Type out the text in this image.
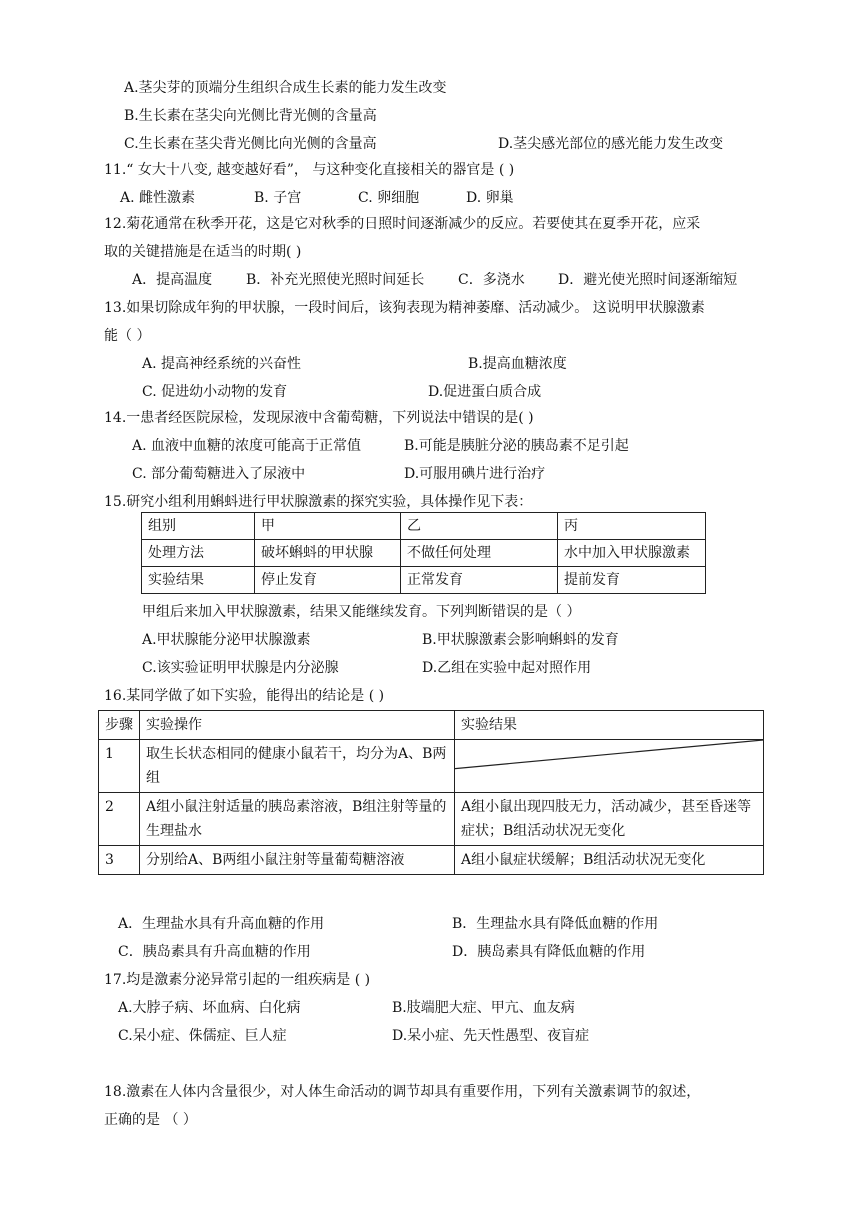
A.茎尖芽的顶端分生组织合成生长素的能力发生改变
B.生长素在茎尖向光侧比背光侧的含量高
C.生长素在茎尖背光侧比向光侧的含量高	D.茎尖感光部位的感光能力发生改变
11.“ 女大十八变, 越变越好看”， 与这种变化直接相关的器官是 ( )
A. 雌性激素	B. 子宫	C. 卵细胞	D. 卵巢
12.菊花通常在秋季开花，这是它对秋季的日照时间逐渐减少的反应。若要使其在夏季开花，应采
取的关键措施是在适当的时期( )
A．提高温度 B．补充光照使光照时间延长 C．多浇水 D．避光使光照时间逐渐缩短
13.如果切除成年狗的甲状腺，一段时间后，该狗表现为精神萎靡、活动减少。 这说明甲状腺激素
能（ ）
A. 提高神经系统的兴奋性	B.提高血糖浓度
C. 促进幼小动物的发育	D.促进蛋白质合成
14.一患者经医院尿检，发现尿液中含葡萄糖，下列说法中错误的是( )
A. 血液中血糖的浓度可能高于正常值	B.可能是胰脏分泌的胰岛素不足引起
C. 部分葡萄糖进入了尿液中	D.可服用碘片进行治疗
15.研究小组利用蝌蚪进行甲状腺激素的探究实验，具体操作见下表：
组别	甲	乙	丙
处理方法	破坏蝌蚪的甲状腺	不做任何处理	水中加入甲状腺激素
实验结果	停止发育	正常发育	提前发育
甲组后来加入甲状腺激素，结果又能继续发育。下列判断错误的是（ ）
A.甲状腺能分泌甲状腺激素	B.甲状腺激素会影响蝌蚪的发育
C.该实验证明甲状腺是内分泌腺	D.乙组在实验中起对照作用
16.某同学做了如下实验，能得出的结论是 ( )
步骤	实验操作	实验结果
1	取生长状态相同的健康小鼠若干，均分为A、B两组	

2	A组小鼠注射适量的胰岛素溶液，B组注射等量的生理盐水	A组小鼠出现四肢无力，活动减少，甚至昏迷等症状；B组活动状况无变化
3	分别给A、B两组小鼠注射等量葡萄糖溶液	A组小鼠症状缓解；B组活动状况无变化
A．生理盐水具有升高血糖的作用	B．生理盐水具有降低血糖的作用
C．胰岛素具有升高血糖的作用	D．胰岛素具有降低血糖的作用
17.均是激素分泌异常引起的一组疾病是 ( )
A.大脖子病、坏血病、白化病	B.肢端肥大症、甲亢、血友病
C.呆小症、侏儒症、巨人症	D.呆小症、先天性愚型、夜盲症
18.激素在人体内含量很少，对人体生命活动的调节却具有重要作用，下列有关激素调节的叙述，
正确的是 （ ）
